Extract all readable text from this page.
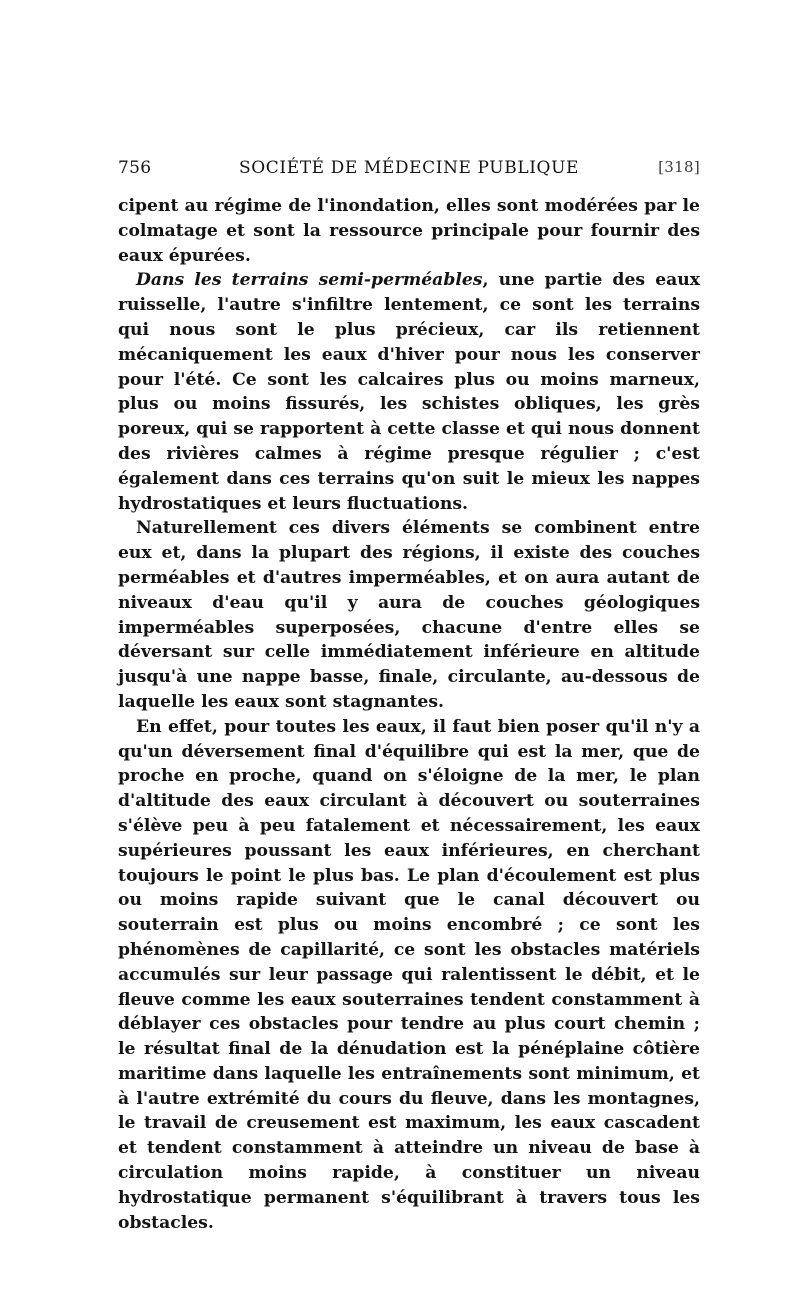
756	SOCIÉTÉ DE MÉDECINE PUBLIQUE	[318]

cipent au régime de l'inondation, elles sont modérées par le colmatage et sont la ressource principale pour fournir des eaux épurées.

Dans les terrains semi-perméables, une partie des eaux ruisselle, l'autre s'infiltre lentement, ce sont les terrains qui nous sont le plus précieux, car ils retiennent mécaniquement les eaux d'hiver pour nous les conserver pour l'été. Ce sont les calcaires plus ou moins marneux, plus ou moins fissurés, les schistes obliques, les grès poreux, qui se rapportent à cette classe et qui nous donnent des rivières calmes à régime presque régulier ; c'est également dans ces terrains qu'on suit le mieux les nappes hydrostatiques et leurs fluctuations.

Naturellement ces divers éléments se combinent entre eux et, dans la plupart des régions, il existe des couches perméables et d'autres imperméables, et on aura autant de niveaux d'eau qu'il y aura de couches géologiques imperméables superposées, chacune d'entre elles se déversant sur celle immédiatement inférieure en altitude jusqu'à une nappe basse, finale, circulante, au-dessous de laquelle les eaux sont stagnantes.

En effet, pour toutes les eaux, il faut bien poser qu'il n'y a qu'un déversement final d'équilibre qui est la mer, que de proche en proche, quand on s'éloigne de la mer, le plan d'altitude des eaux circulant à découvert ou souterraines s'élève peu à peu fatalement et nécessairement, les eaux supérieures poussant les eaux inférieures, en cherchant toujours le point le plus bas. Le plan d'écoulement est plus ou moins rapide suivant que le canal découvert ou souterrain est plus ou moins encombré ; ce sont les phénomènes de capillarité, ce sont les obstacles matériels accumulés sur leur passage qui ralentissent le débit, et le fleuve comme les eaux souterraines tendent constamment à déblayer ces obstacles pour tendre au plus court chemin ; le résultat final de la dénudation est la pénéplaine côtière maritime dans laquelle les entraînements sont minimum, et à l'autre extrémité du cours du fleuve, dans les montagnes, le travail de creusement est maximum, les eaux cascadent et tendent constamment à atteindre un niveau de base à circulation moins rapide, à constituer un niveau hydrostatique permanent s'équilibrant à travers tous les obstacles.
